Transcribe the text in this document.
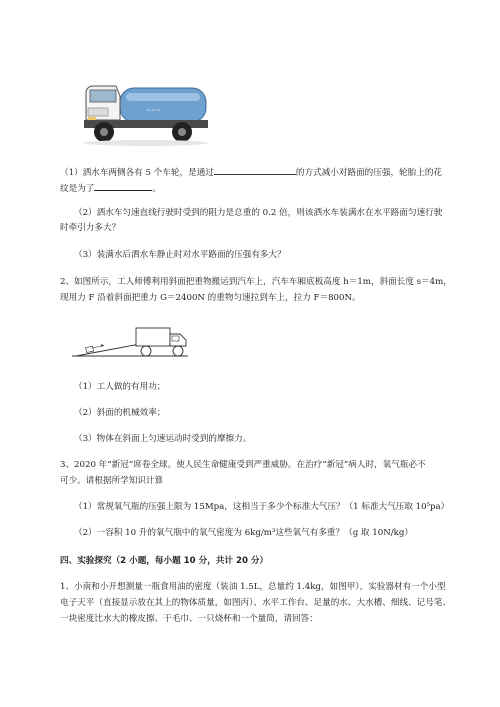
~~~
（1）洒水车两侧各有 5 个车轮，是通过	的方式减小对路面的压强，轮胎上的花
纹是为了	。
（2）洒水车匀速直线行驶时受到的阻力是总重的 0.2 倍，则该洒水车装满水在水平路面匀速行驶
时牵引力多大？
（3）装满水后洒水车静止时对水平路面的压强有多大？
2、如图所示，工人师傅利用斜面把重物搬运到汽车上，汽车车厢底板高度 h＝1m，斜面长度 s＝4m，
现用力 F 沿着斜面把重力 G＝2400N 的重物匀速拉到车上，拉力 F＝800N。
（1）工人做的有用功；
（2）斜面的机械效率；
（3）物体在斜面上匀速运动时受到的摩擦力。
3、2020 年“新冠”席卷全球。使人民生命健康受到严重威胁。在治疗“新冠”病人时，氧气瓶必不
可少。请根据所学知识计算
（1）常规氧气瓶的压强上限为 15Mpa，这相当于多少个标准大气压？（1 标准大气压取 10⁵pa）
（2）一容积 10 升的氧气瓶中的氧气密度为 6kg/m³这些氧气有多重？（g 取 10N/kg）
四、实验探究（2 小题，每小题 10 分，共计 20 分）
1、小南和小开想测量一瓶食用油的密度（装油 1.5L，总量约 1.4kg，如图甲），实验器材有一个小型
电子天平（直接显示放在其上的物体质量，如图丙）、水平工作台、足量的水、大水槽、细线、记号笔、
一块密度比水大的橡皮擦、干毛巾、一只烧杯和一个量筒，请回答：
